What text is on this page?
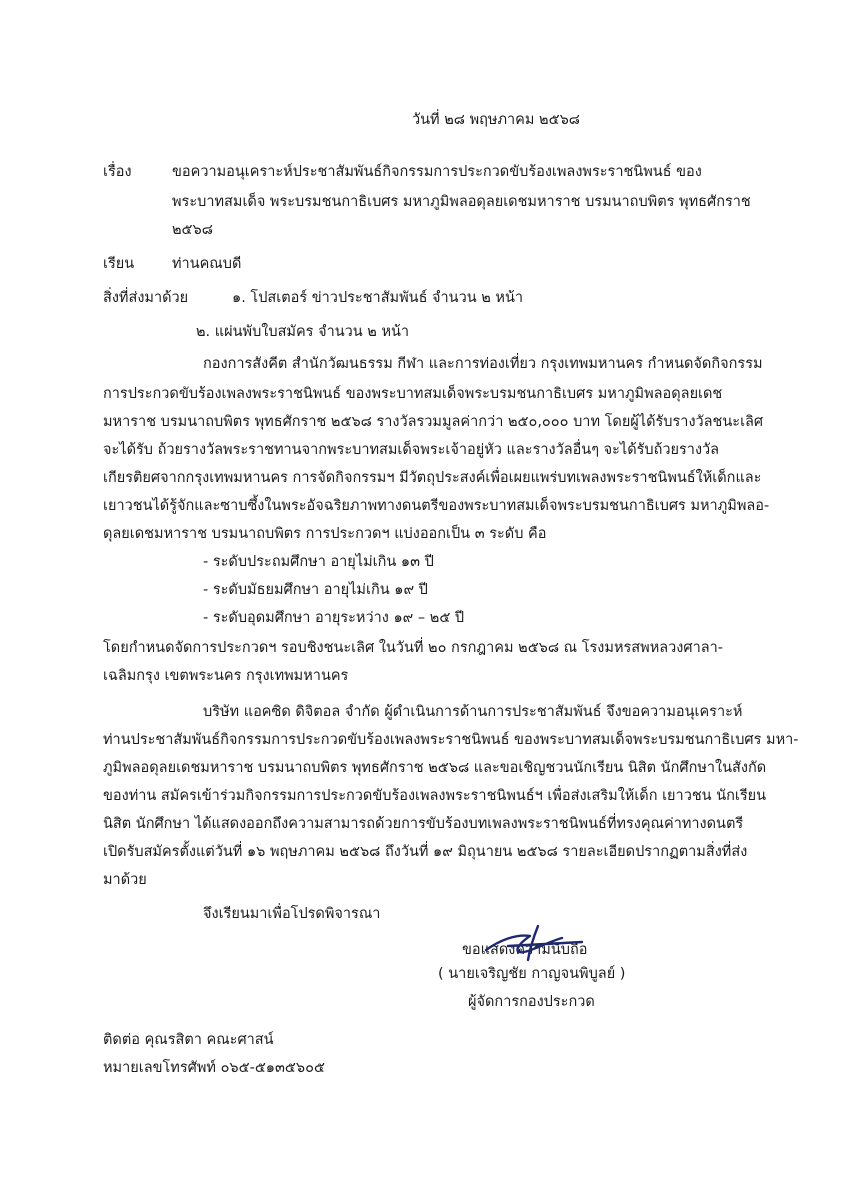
วันที่ ๒๘ พฤษภาคม ๒๕๖๘
เรื่อง	ขอความอนุเคราะห์ประชาสัมพันธ์กิจกรรมการประกวดขับร้องเพลงพระราชนิพนธ์ ของ
พระบาทสมเด็จ พระบรมชนกาธิเบศร มหาภูมิพลอดุลยเดชมหาราช บรมนาถบพิตร พุทธศักราช
๒๕๖๘
เรียน	ท่านคณบดี
สิ่งที่ส่งมาด้วย	๑. โปสเตอร์ ข่าวประชาสัมพันธ์ จำนวน ๒ หน้า
๒. แผ่นพับใบสมัคร จำนวน ๒ หน้า
กองการสังคีต สำนักวัฒนธรรม กีฬา และการท่องเที่ยว กรุงเทพมหานคร กำหนดจัดกิจกรรม
การประกวดขับร้องเพลงพระราชนิพนธ์ ของพระบาทสมเด็จพระบรมชนกาธิเบศร มหาภูมิพลอดุลยเดช
มหาราช บรมนาถบพิตร พุทธศักราช ๒๕๖๘ รางวัลรวมมูลค่ากว่า ๒๕๐,๐๐๐ บาท โดยผู้ได้รับรางวัลชนะเลิศ
จะได้รับ ถ้วยรางวัลพระราชทานจากพระบาทสมเด็จพระเจ้าอยู่หัว และรางวัลอื่นๆ จะได้รับถ้วยรางวัล
เกียรติยศจากกรุงเทพมหานคร การจัดกิจกรรมฯ มีวัตถุประสงค์เพื่อเผยแพร่บทเพลงพระราชนิพนธ์ให้เด็กและ
เยาวชนได้รู้จักและซาบซึ้งในพระอัจฉริยภาพทางดนตรีของพระบาทสมเด็จพระบรมชนกาธิเบศร มหาภูมิพลอ-
ดุลยเดชมหาราช บรมนาถบพิตร การประกวดฯ แบ่งออกเป็น ๓ ระดับ คือ
- ระดับประถมศึกษา อายุไม่เกิน ๑๓ ปี
- ระดับมัธยมศึกษา อายุไม่เกิน ๑๙ ปี
- ระดับอุดมศึกษา อายุระหว่าง ๑๙ – ๒๕ ปี
โดยกำหนดจัดการประกวดฯ รอบชิงชนะเลิศ ในวันที่ ๒๐ กรกฎาคม ๒๕๖๘ ณ โรงมหรสพหลวงศาลา-
เฉลิมกรุง เขตพระนคร กรุงเทพมหานคร
บริษัท แอคซิด ดิจิตอล จำกัด ผู้ดำเนินการด้านการประชาสัมพันธ์ จึงขอความอนุเคราะห์
ท่านประชาสัมพันธ์กิจกรรมการประกวดขับร้องเพลงพระราชนิพนธ์ ของพระบาทสมเด็จพระบรมชนกาธิเบศร มหา-
ภูมิพลอดุลยเดชมหาราช บรมนาถบพิตร พุทธศักราช ๒๕๖๘ และขอเชิญชวนนักเรียน นิสิต นักศึกษาในสังกัด
ของท่าน สมัครเข้าร่วมกิจกรรมการประกวดขับร้องเพลงพระราชนิพนธ์ฯ เพื่อส่งเสริมให้เด็ก เยาวชน นักเรียน
นิสิต นักศึกษา ได้แสดงออกถึงความสามารถด้วยการขับร้องบทเพลงพระราชนิพนธ์ที่ทรงคุณค่าทางดนตรี
เปิดรับสมัครตั้งแต่วันที่ ๑๖ พฤษภาคม ๒๕๖๘ ถึงวันที่ ๑๙ มิถุนายน ๒๕๖๘ รายละเอียดปรากฏตามสิ่งที่ส่ง
มาด้วย
จึงเรียนมาเพื่อโปรดพิจารณา
ขอแสดงความนับถือ
( นายเจริญชัย กาญจนพิบูลย์ )
ผู้จัดการกองประกวด
ติดต่อ คุณรสิตา คณะศาสน์
หมายเลขโทรศัพท์ ๐๖๕-๕๑๓๕๖๐๕
